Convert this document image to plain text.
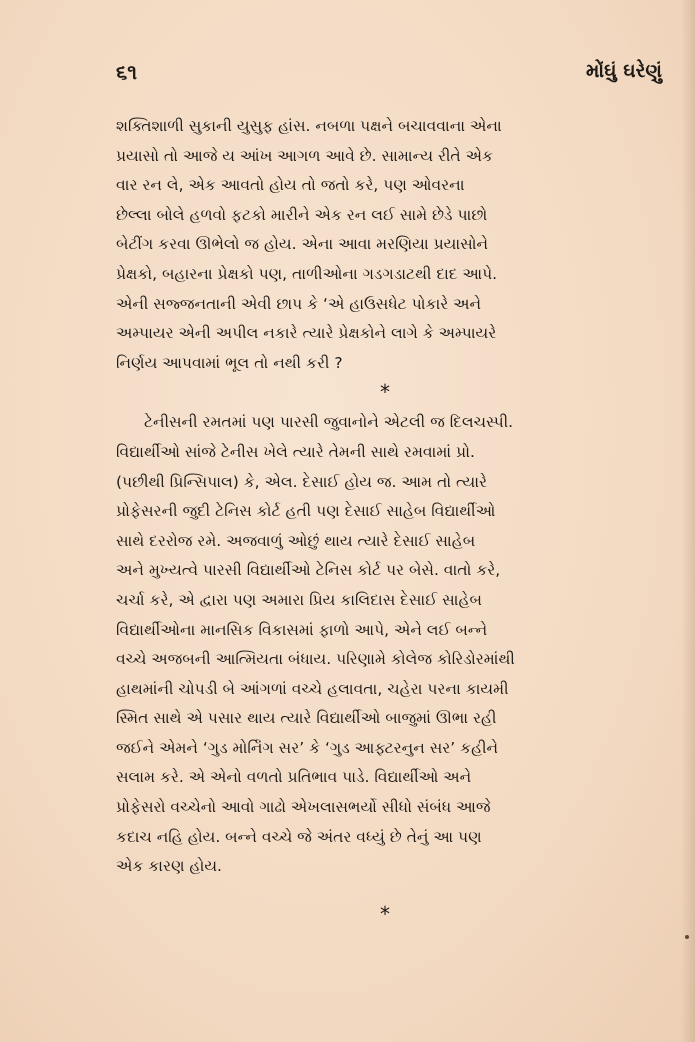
૬૧	મોંઘું ઘરેણું
શક્તિશાળી સુકાની યુસુફ હાંસ. નબળા પક્ષને બચાવવાના એના
પ્રયાસો તો આજે ય આંખ આગળ આવે છે. સામાન્ય રીતે એક
વાર રન લે, એક આવતો હોય તો જતો કરે, પણ ઓવરના
છેલ્લા બોલે હળવો ફટકો મારીને એક રન લઈ સામે છેડે પાછો
બેટીંગ કરવા ઊભેલો જ હોય. એના આવા મરણિયા પ્રયાસોને
પ્રેક્ષકો, બહારના પ્રેક્ષકો પણ, તાળીઓના ગડગડાટથી દાદ આપે.
એની સજ્જનતાની એવી છાપ કે ‘એ હાઉસધેટ પોકારે અને
અમ્પાયર એની અપીલ નકારે ત્યારે પ્રેક્ષકોને લાગે કે અમ્પાયરે
નિર્ણય આપવામાં ભૂલ તો નથી કરી ?
*
ટેનીસની રમતમાં પણ પારસી જુવાનોને એટલી જ દિલચસ્પી.
વિદ્યાર્થીઓ સાંજે ટેનીસ ખેલે ત્યારે તેમની સાથે રમવામાં પ્રો.
(પછીથી પ્રિન્સિપાલ) કે, એલ. દેસાઈ હોય જ. આમ તો ત્યારે
પ્રોફેસરની જુદી ટેનિસ કોર્ટ હતી પણ દેસાઈ સાહેબ વિદ્યાર્થીઓ
સાથે દરરોજ રમે. અજવાળું ઓછું થાય ત્યારે દેસાઈ સાહેબ
અને મુખ્યત્વે પારસી વિદ્યાર્થીઓ ટેનિસ કોર્ટ પર બેસે. વાતો કરે,
ચર્ચા કરે, એ દ્વારા પણ અમારા પ્રિય કાલિદાસ દેસાઈ સાહેબ
વિદ્યાર્થીઓના માનસિક વિકાસમાં ફાળો આપે, એને લઈ બન્ને
વચ્ચે અજબની આત્મિયતા બંધાય. પરિણામે કોલેજ કોરિડોરમાંથી
હાથમાંની ચોપડી બે આંગળાં વચ્ચે હલાવતા, ચહેરા પરના કાયમી
સ્મિત સાથે એ પસાર થાય ત્યારે વિદ્યાર્થીઓ બાજુમાં ઊભા રહી
જઈને એમને ‘ગુડ મોર્નિંગ સર’ કે ‘ગુડ આફ્ટરનુન સર’ કહીને
સલામ કરે. એ એનો વળતો પ્રતિભાવ પાડે. વિદ્યાર્થીઓ અને
પ્રોફેસરો વચ્ચેનો આવો ગાઢો એખલાસભર્યો સીધો સંબંધ આજે
કદાચ નહિ હોય. બન્ને વચ્ચે જે અંતર વધ્યું છે તેનું આ પણ
એક કારણ હોય.
*
